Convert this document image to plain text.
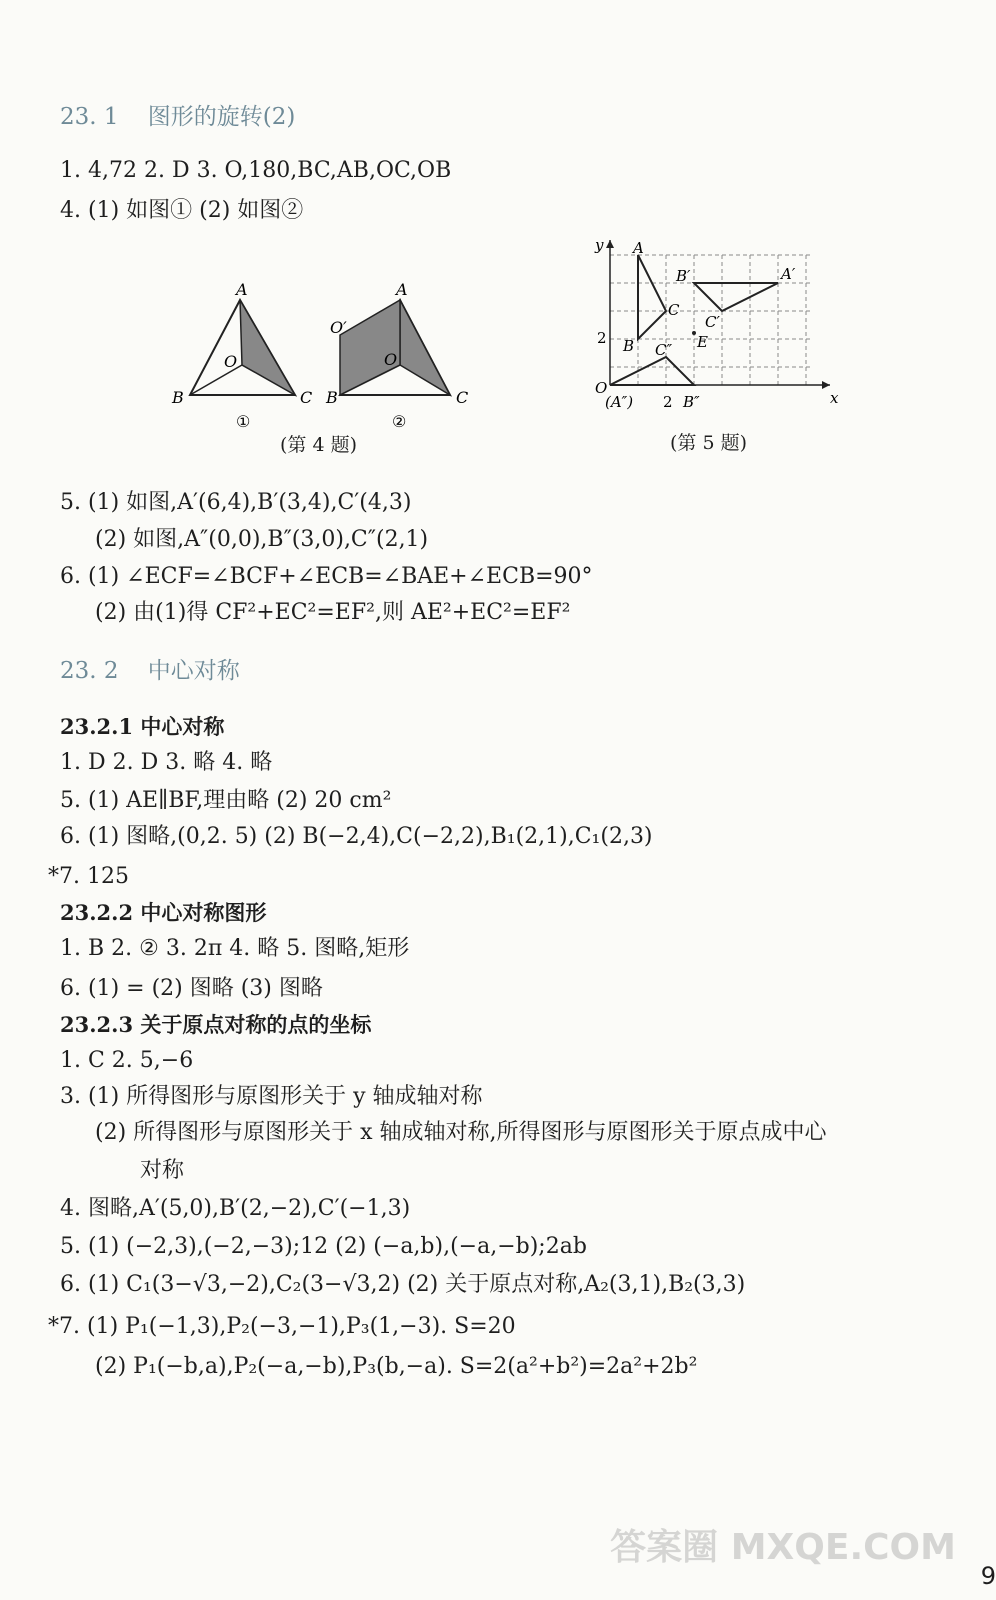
23. 1 图形的旋转(2)
1. 4,72 2. D 3. O,180,BC,AB,OC,OB
4. (1) 如图① (2) 如图②
A
O
B	C
①
A
O′
O
B	C
②
(第 4 题)
y
x
A
A′
B′
C
C′
B C″ E
2
O
(A″) 2 B″
(第 5 题)
5. (1) 如图,A′(6,4),B′(3,4),C′(4,3)
(2) 如图,A″(0,0),B″(3,0),C″(2,1)
6. (1) ∠ECF=∠BCF+∠ECB=∠BAE+∠ECB=90°
(2) 由(1)得 CF²+EC²=EF²,则 AE²+EC²=EF²
23. 2 中心对称
23.2.1 中心对称
1. D 2. D 3. 略 4. 略
5. (1) AE∥BF,理由略 (2) 20 cm²
6. (1) 图略,(0,2. 5) (2) B(−2,4),C(−2,2),B₁(2,1),C₁(2,3)
*7. 125
23.2.2 中心对称图形
1. B 2. ② 3. 2π 4. 略 5. 图略,矩形
6. (1) = (2) 图略 (3) 图略
23.2.3 关于原点对称的点的坐标
1. C 2. 5,−6
3. (1) 所得图形与原图形关于 y 轴成轴对称
(2) 所得图形与原图形关于 x 轴成轴对称,所得图形与原图形关于原点成中心
对称
4. 图略,A′(5,0),B′(2,−2),C′(−1,3)
5. (1) (−2,3),(−2,−3);12 (2) (−a,b),(−a,−b);2ab
6. (1) C₁(3−√3,−2),C₂(3−√3,2) (2) 关于原点对称,A₂(3,1),B₂(3,3)
*7. (1) P₁(−1,3),P₂(−3,−1),P₃(1,−3). S=20
(2) P₁(−b,a),P₂(−a,−b),P₃(b,−a). S=2(a²+b²)=2a²+2b²
答案圈 MXQE.COM
9
